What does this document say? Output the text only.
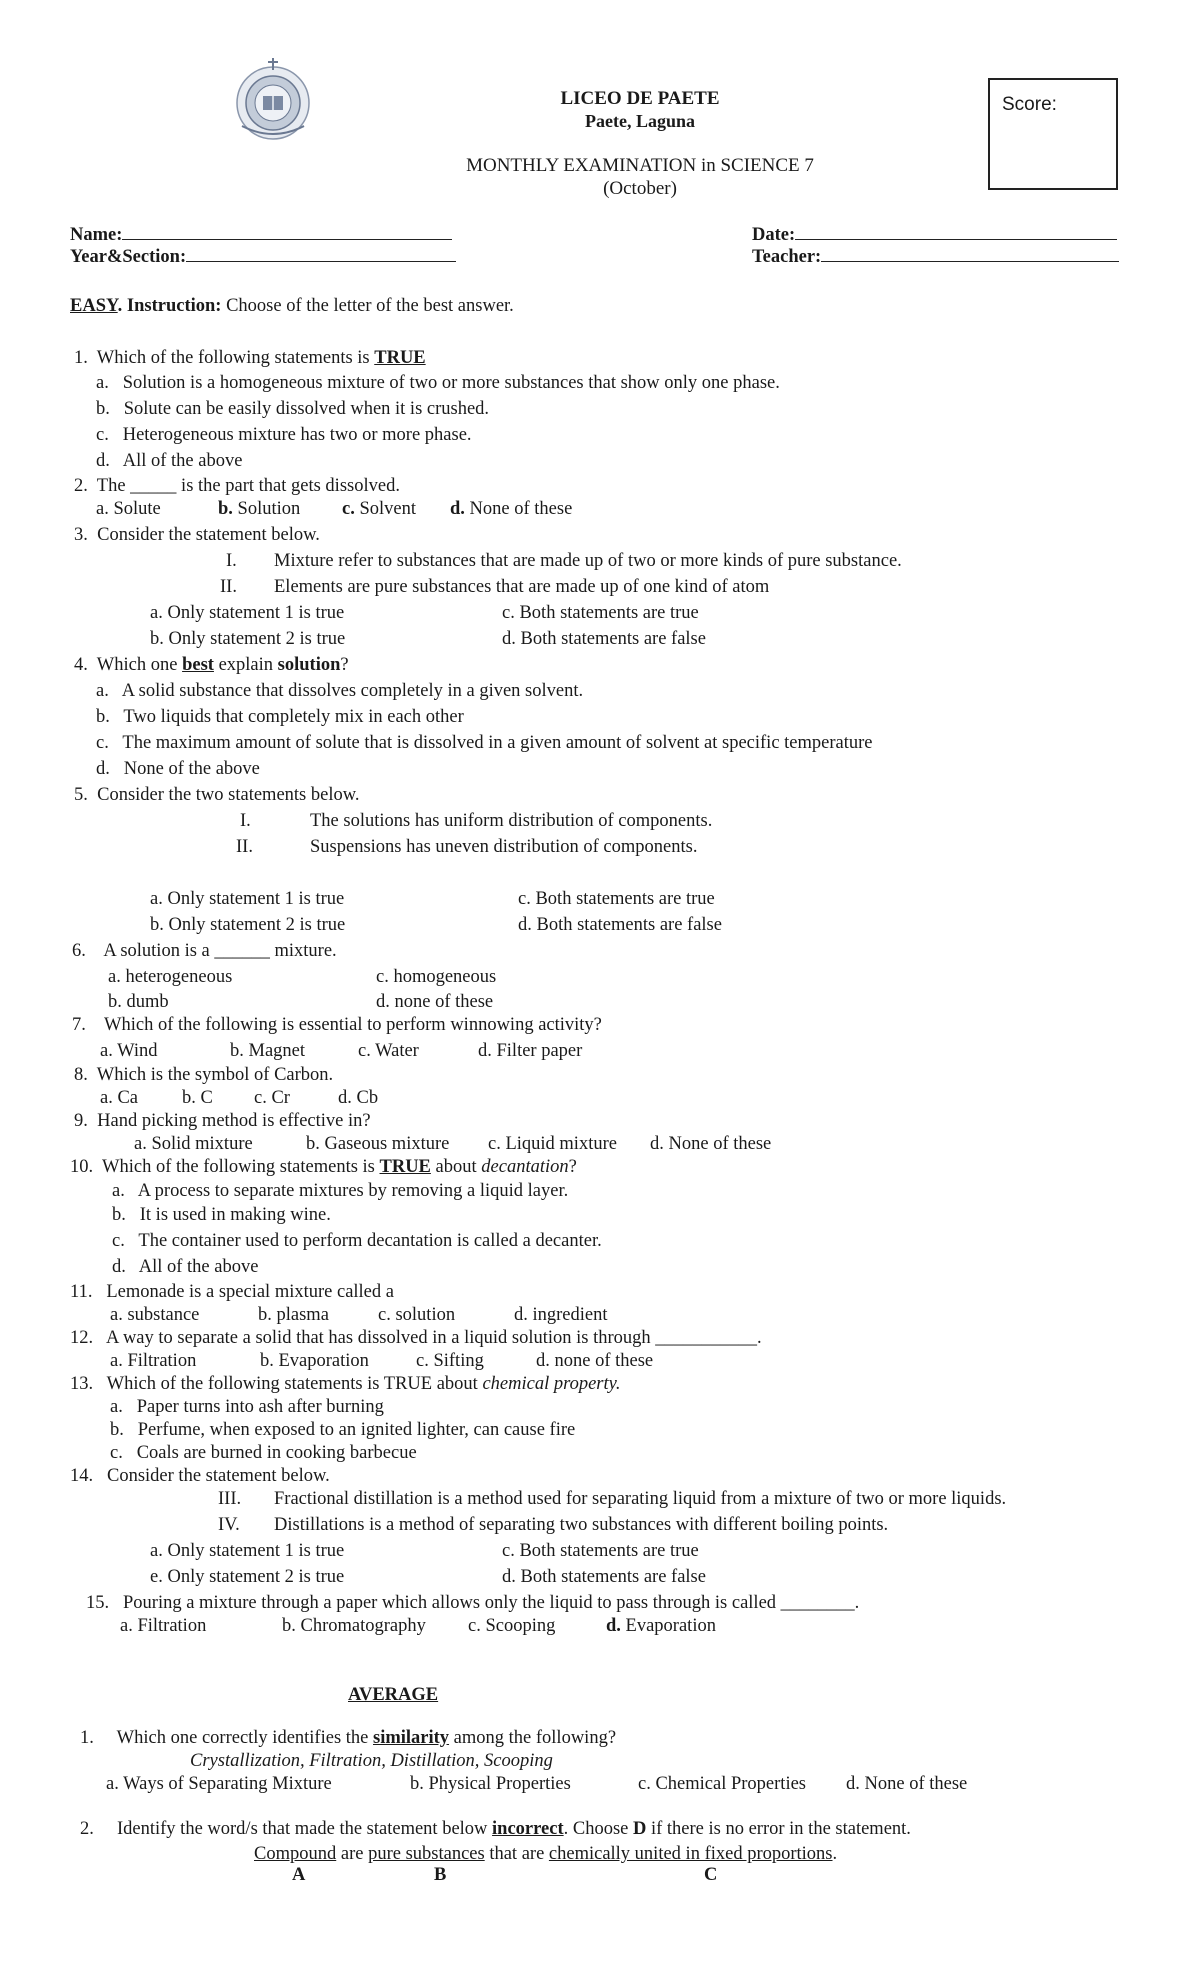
LICEO DE PAETE
Paete, Laguna
MONTHLY EXAMINATION in SCIENCE 7
(October)
Score:
Name:
Year&Section:
Date:
Teacher:
EASY. Instruction: Choose of the letter of the best answer.
1. Which of the following statements is TRUE
a.   Solution is a homogeneous mixture of two or more substances that show only one phase.
b.   Solute can be easily dissolved when it is crushed.
c.   Heterogeneous mixture has two or more phase.
d.   All of the above
2. The _____ is the part that gets dissolved.
a. Solute	b. Solution c. Solvent d. None of these
3. Consider the statement below.
I. Mixture refer to substances that are made up of two or more kinds of pure substance.
II. Elements are pure substances that are made up of one kind of atom
a. Only statement 1 is true
b. Only statement 2 is true
c. Both statements are true
d. Both statements are false
4. Which one best explain solution?
a.   A solid substance that dissolves completely in a given solvent.
b.   Two liquids that completely mix in each other
c.   The maximum amount of solute that is dissolved in a given amount of solvent at specific temperature
d.   None of the above
5. Consider the two statements below.
I.	The solutions has uniform distribution of components.
II.	Suspensions has uneven distribution of components.
a. Only statement 1 is true
b. Only statement 2 is true
c. Both statements are true
d. Both statements are false
6. A solution is a ______ mixture.
a. heterogeneous
b. dumb
c. homogeneous
d. none of these
7. Which of the following is essential to perform winnowing activity?
a. Wind	b. Magnet	c. Water	d. Filter paper
8. Which is the symbol of Carbon.
a. Ca b. C c. Cr	d. Cb
9. Hand picking method is effective in?
a. Solid mixture	b. Gaseous mixture c. Liquid mixture d. None of these
10. Which of the following statements is TRUE about decantation?
a.   A process to separate mixtures by removing a liquid layer.
b.   It is used in making wine.
c.   The container used to perform decantation is called a decanter.
d.   All of the above
11. Lemonade is a special mixture called a
a. substance	b. plasma	c. solution	d. ingredient
12. A way to separate a solid that has dissolved in a liquid solution is through ___________.
a. Filtration	b. Evaporation	c. Sifting	d. none of these
13. Which of the following statements is TRUE about chemical property.
a.   Paper turns into ash after burning
b.   Perfume, when exposed to an ignited lighter, can cause fire
c.   Coals are burned in cooking barbecue
14. Consider the statement below.
III. Fractional distillation is a method used for separating liquid from a mixture of two or more liquids.
IV. Distillations is a method of separating two substances with different boiling points.
a. Only statement 1 is true
e. Only statement 2 is true
c. Both statements are true
d. Both statements are false
15. Pouring a mixture through a paper which allows only the liquid to pass through is called ________.
a. Filtration	b. Chromatography c. Scooping	d. Evaporation
AVERAGE
1. Which one correctly identifies the similarity among the following?
Crystallization, Filtration, Distillation, Scooping
a. Ways of Separating Mixture	b. Physical Properties	c. Chemical Properties d. None of these
2. Identify the word/s that made the statement below incorrect. Choose D if there is no error in the statement.
Compound are pure substances that are chemically united in fixed proportions.
A	B	C
